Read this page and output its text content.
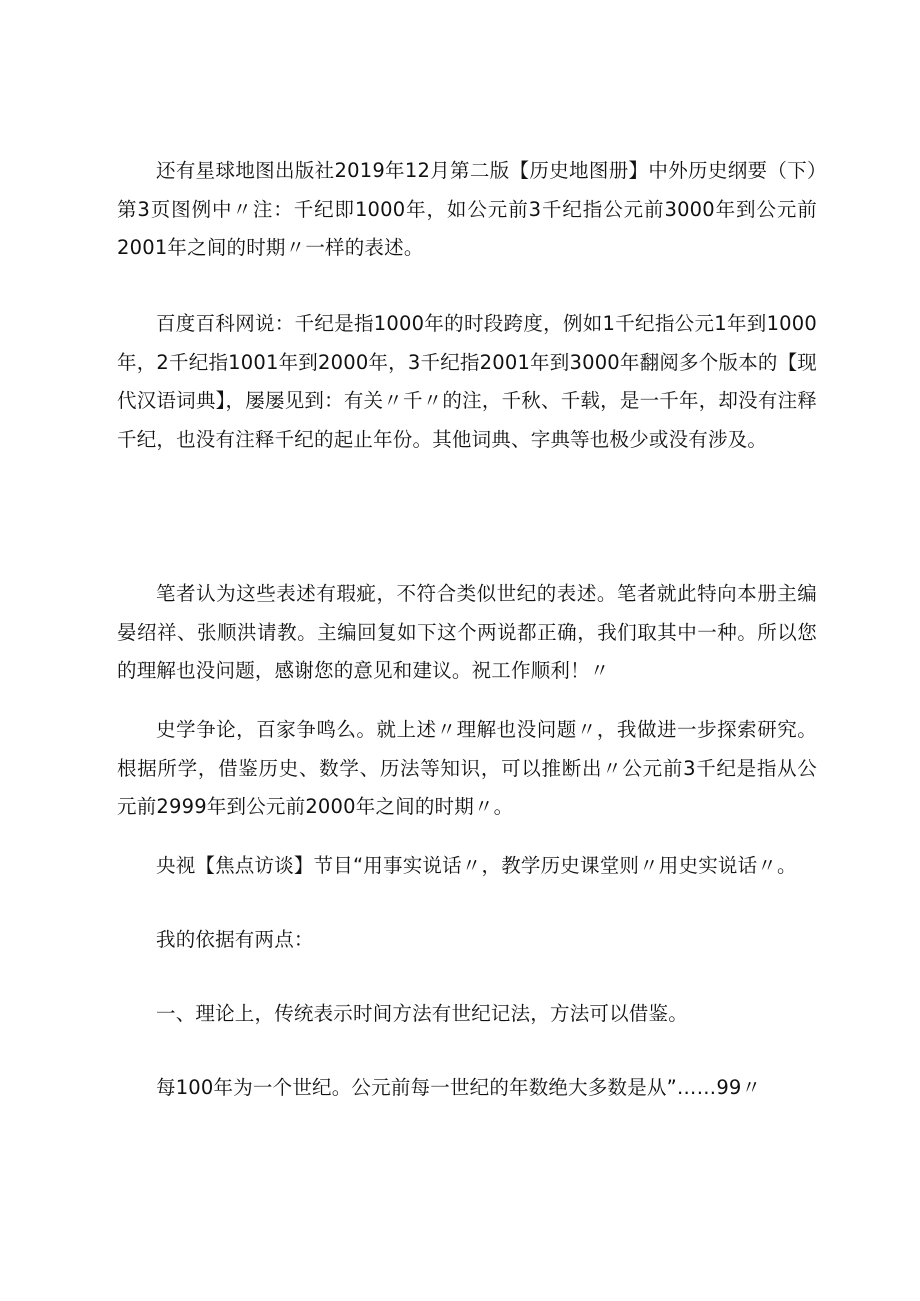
还有星球地图出版社2019年12月第二版【历史地图册】中外历史纲要（下）第3页图例中〃注：千纪即1000年，如公元前3千纪指公元前3000年到公元前2001年之间的时期〃一样的表述。

百度百科网说：千纪是指1000年的时段跨度，例如1千纪指公元1年到1000年，2千纪指1001年到2000年，3千纪指2001年到3000年翻阅多个版本的【现代汉语词典】，屡屡见到：有关〃千〃的注，千秋、千载，是一千年，却没有注释千纪，也没有注释千纪的起止年份。其他词典、字典等也极少或没有涉及。

笔者认为这些表述有瑕疵，不符合类似世纪的表述。笔者就此特向本册主编晏绍祥、张顺洪请教。主编回复如下这个两说都正确，我们取其中一种。所以您的理解也没问题，感谢您的意见和建议。祝工作顺利！〃

史学争论，百家争鸣么。就上述〃理解也没问题〃，我做进一步探索研究。根据所学，借鉴历史、数学、历法等知识，可以推断出〃公元前3千纪是指从公元前2999年到公元前2000年之间的时期〃。

央视【焦点访谈】节目“用事实说话〃，教学历史课堂则〃用史实说话〃。

我的依据有两点：

一、理论上，传统表示时间方法有世纪记法，方法可以借鉴。

每100年为一个世纪。公元前每一世纪的年数绝大多数是从”……99〃
